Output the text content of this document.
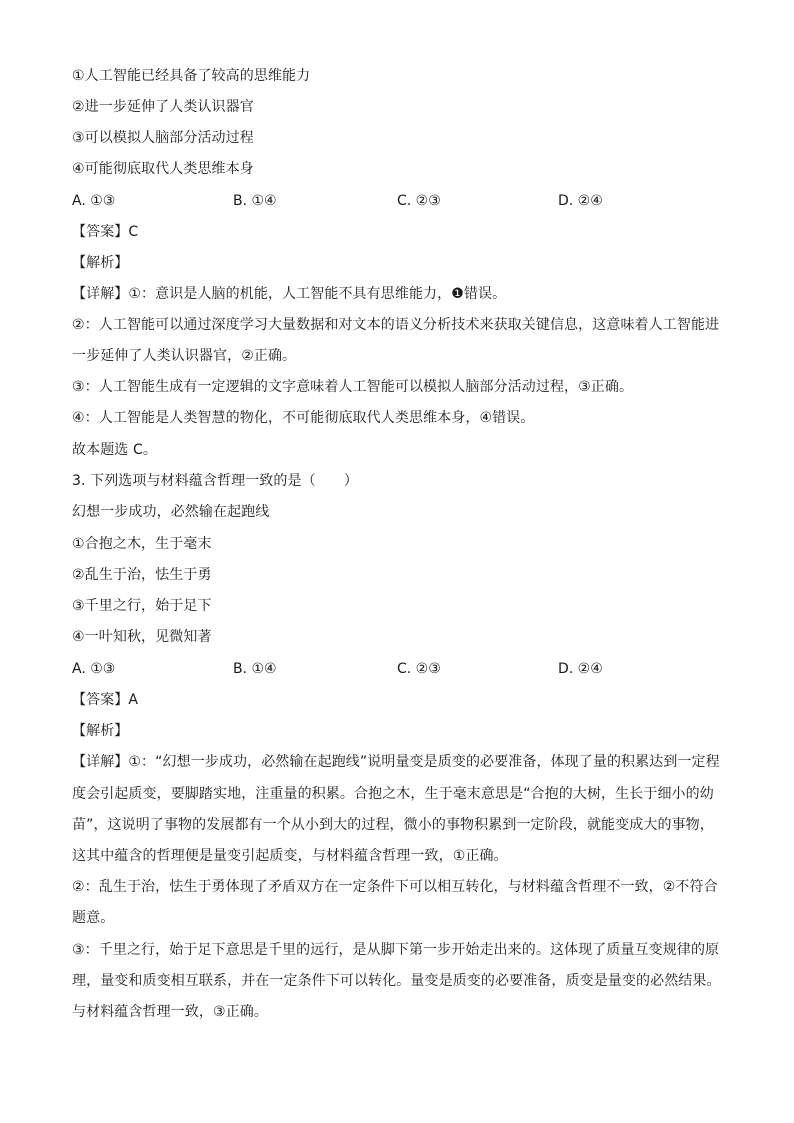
①人工智能已经具备了较高的思维能力
②进一步延伸了人类认识器官
③可以模拟人脑部分活动过程
④可能彻底取代人类思维本身
A. ①③	B. ①④	C. ②③	D. ②④
【答案】C
【解析】
【详解】①：意识是人脑的机能，人工智能不具有思维能力，❶错误。
②：人工智能可以通过深度学习大量数据和对文本的语义分析技术来获取关键信息，这意味着人工智能进
一步延伸了人类认识器官，②正确。
③：人工智能生成有一定逻辑的文字意味着人工智能可以模拟人脑部分活动过程，③正确。
④：人工智能是人类智慧的物化，不可能彻底取代人类思维本身，④错误。
故本题选 C。
3. 下列选项与材料蕴含哲理一致的是（　　）
幻想一步成功，必然输在起跑线
①合抱之木，生于毫末
②乱生于治，怯生于勇
③千里之行，始于足下
④一叶知秋，见微知著
A. ①③	B. ①④	C. ②③	D. ②④
【答案】A
【解析】
【详解】①：“幻想一步成功，必然输在起跑线”说明量变是质变的必要准备，体现了量的积累达到一定程
度会引起质变，要脚踏实地，注重量的积累。合抱之木，生于毫末意思是“合抱的大树，生长于细小的幼
苗”，这说明了事物的发展都有一个从小到大的过程，微小的事物积累到一定阶段，就能变成大的事物，
这其中蕴含的哲理便是量变引起质变，与材料蕴含哲理一致，①正确。
②：乱生于治，怯生于勇体现了矛盾双方在一定条件下可以相互转化，与材料蕴含哲理不一致，②不符合
题意。
③：千里之行，始于足下意思是千里的远行，是从脚下第一步开始走出来的。这体现了质量互变规律的原
理，量变和质变相互联系，并在一定条件下可以转化。量变是质变的必要准备，质变是量变的必然结果。
与材料蕴含哲理一致，③正确。
